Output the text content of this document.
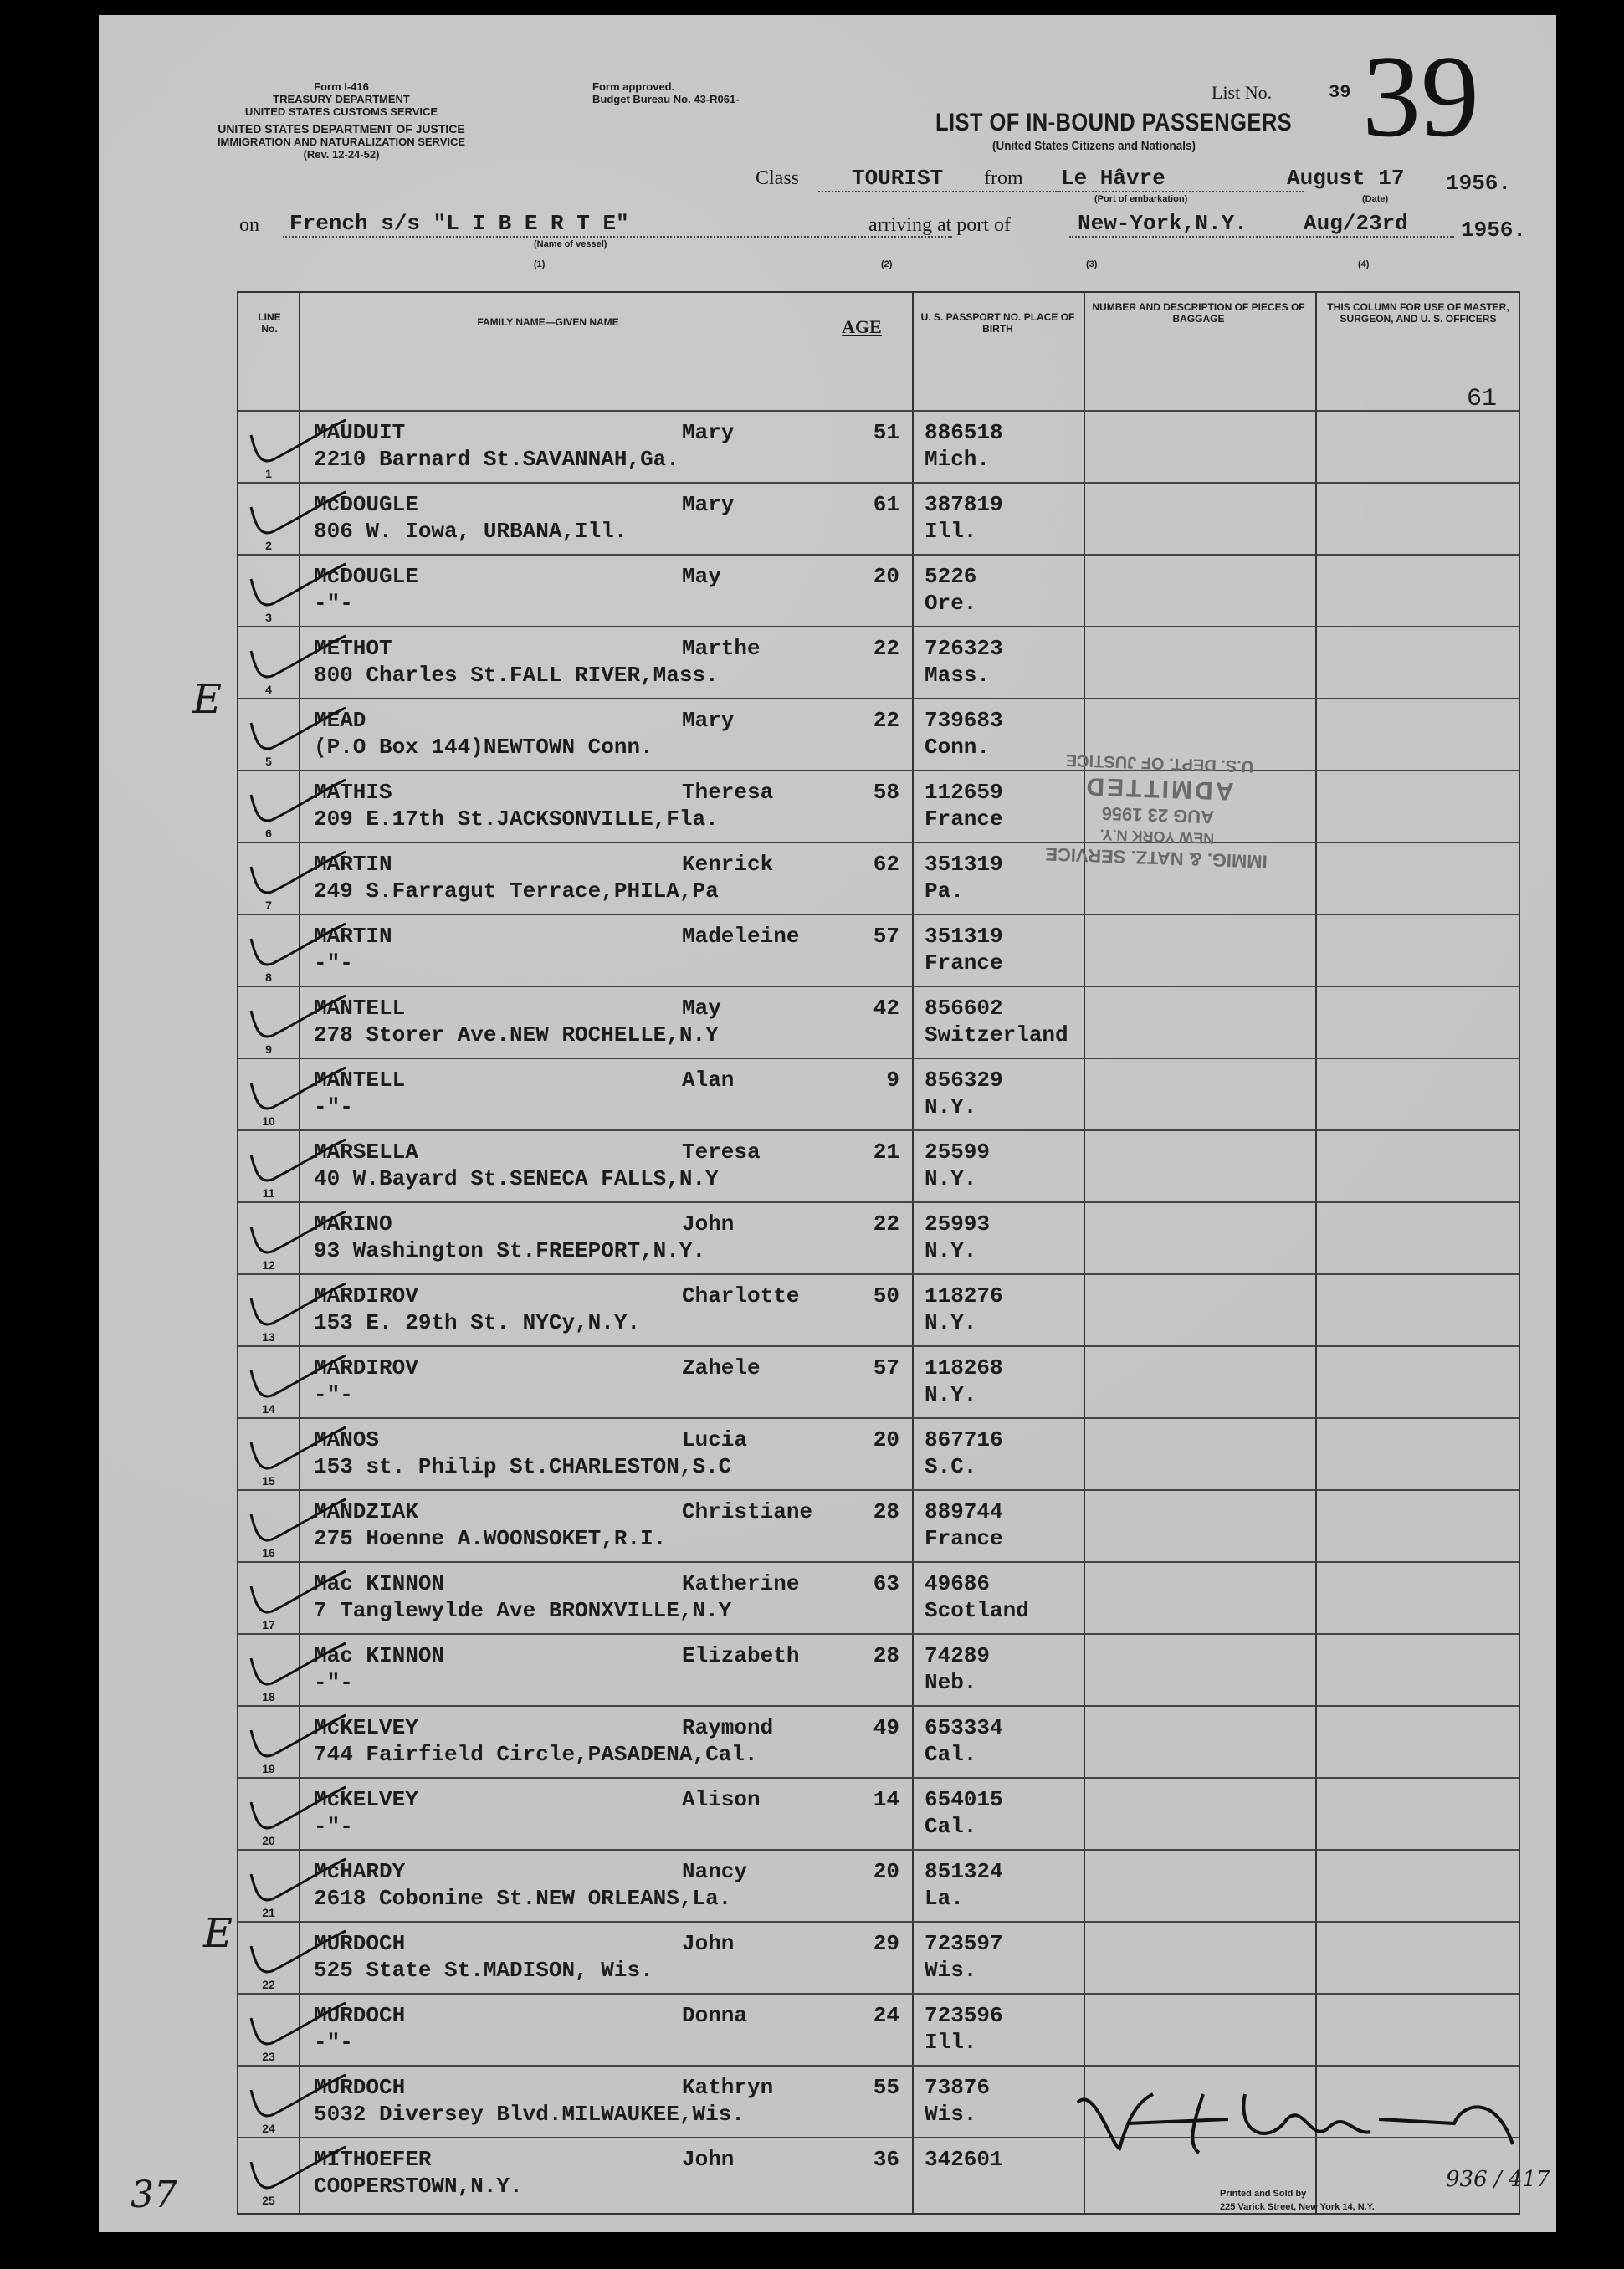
Form I-416
TREASURY DEPARTMENT
UNITED STATES CUSTOMS SERVICE
UNITED STATES DEPARTMENT OF JUSTICE
IMMIGRATION AND NATURALIZATION SERVICE
(Rev. 12-24-52)
Form approved.
Budget Bureau No. 43-R061-	List No.	39 39
LIST OF IN-BOUND PASSENGERS
(United States Citizens and Nationals)
Class TOURIST from Le Hâvre
(Port of embarkation)
August 17
(Date)
1956.
on French s/s "L I B E R T E"
(Name of vessel)
arriving at port of	New-York,N.Y.	Aug/23rd 1956.
(1)	(2)	(3)	(4)
LINE No.
FAMILY NAME—GIVEN NAME	AGE	U. S. PASSPORT NO. PLACE OF BIRTH
NUMBER AND DESCRIPTION OF PIECES OF BAGGAGE
THIS COLUMN FOR USE OF MASTER, SURGEON, AND U. S. OFFICERS
1
MAUDUIT	Mary	51
2210 Barnard St.SAVANNAH,Ga.
886518
Mich.
2
McDOUGLE	Mary	61
806 W. Iowa, URBANA,Ill.
387819
Ill.
3
McDOUGLE	May	20
-"-
5226
Ore.
4
METHOT	Marthe	22
800 Charles St.FALL RIVER,Mass.
726323
Mass.
5
MEAD	Mary	22
(P.O Box 144)NEWTOWN Conn.
739683
Conn.
6
MATHIS	Theresa	58
209 E.17th St.JACKSONVILLE,Fla.
112659
France
7
MARTIN	Kenrick	62
249 S.Farragut Terrace,PHILA,Pa
351319
Pa.
8
MARTIN	Madeleine	57
-"-
351319
France
9
MANTELL	May	42
278 Storer Ave.NEW ROCHELLE,N.Y
856602
Switzerland
10
MANTELL	Alan	9
-"-
856329
N.Y.
11
MARSELLA	Teresa	21
40 W.Bayard St.SENECA FALLS,N.Y
25599
N.Y.
12
MARINO	John	22
93 Washington St.FREEPORT,N.Y.
25993
N.Y.
13
MARDIROV	Charlotte	50
153 E. 29th St. NYCy,N.Y.
118276
N.Y.
14
MARDIROV	Zahele	57
-"-
118268
N.Y.
15
MANOS	Lucia	20
153 st. Philip St.CHARLESTON,S.C
867716
S.C.
16
MANDZIAK	Christiane	28
275 Hoenne A.WOONSOKET,R.I.
889744
France
17
Mac KINNON	Katherine	63
7 Tanglewylde Ave BRONXVILLE,N.Y
49686
Scotland
18
Mac KINNON	Elizabeth	28
-"-
74289
Neb.
19
McKELVEY	Raymond	49
744 Fairfield Circle,PASADENA,Cal.
653334
Cal.
20
McKELVEY	Alison	14
-"-
654015
Cal.
21
McHARDY	Nancy	20
2618 Cobonine St.NEW ORLEANS,La.
851324
La.
22
MURDOCH	John	29
525 State St.MADISON, Wis.
723597
Wis.
23
MURDOCH	Donna	24
-"-
723596
Ill.
24
MURDOCH	Kathryn	55
5032 Diversey Blvd.MILWAUKEE,Wis.
73876
Wis.
25
MITHOEFER	John	36
COOPERSTOWN,N.Y.
342601
61
IMMIG. & NATZ. SERVICE
NEW YORK N.Y.
AUG 23 1956
ADMITTED
U.S. DEPT. OF JUSTICE
E
E
37	Printed and Sold by
225 Varick Street, New York 14, N.Y.
936 / 417
